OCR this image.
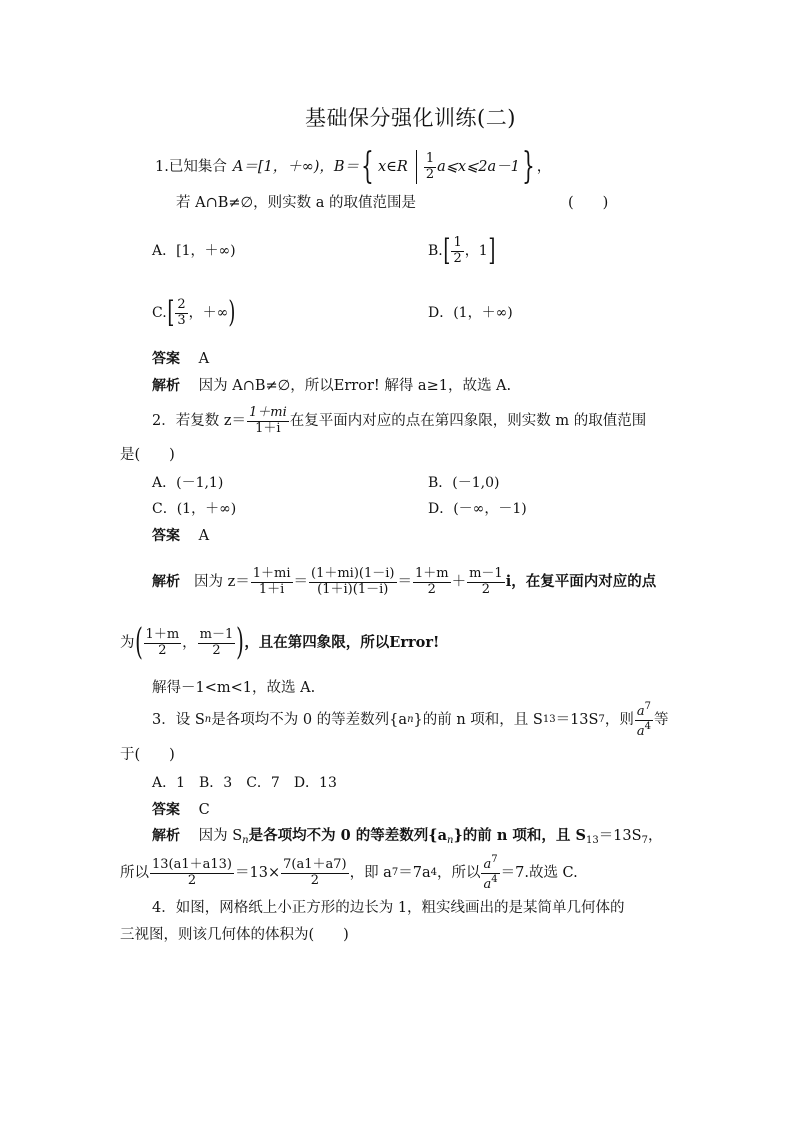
基础保分强化训练(二)
1. 已知集合 A＝[1，＋∞)，B＝ { x∈R $\frac{1}{2}$ a⩽x⩽2a－1 } ，
若 A∩B≠∅，则实数 a 的取值范围是	(　　)
A．[1，＋∞)	B. [ $\frac{1}{2}$ ，1 ]
C. [ $\frac{2}{3}$ ，＋∞ )	D．(1，＋∞)
答案 A
解析 因为 A∩B≠∅，所以Error! 解得 a≥1，故选 A.
2．若复数 $z= \frac{1+mi}{1+i}$ 在复平面内对应的点在第四象限，则实数 m 的取值范围
是(　　)
A．(－1,1)	B．(－1,0)
C．(1，＋∞)	D．(－∞，－1)
答案 A
解析 因为 $z= \frac{1+mi}{1+i} = \frac{(1+mi)(1-i)}{(1+i)(1-i)} = \frac{1+m}{2} + \frac{m-1}{2}$ i，在复平面内对应的点
为 ( $\frac{1+m}{2}$ ， $\frac{m-1}{2}$ ) ，且在第四象限，所以Error!
解得－1<m<1，故选 A.
3．设 S n 是各项均不为 0 的等差数列{a n }的前 n 项和，且 S 13 ＝13S 7 ，则 $\frac{a^7}{a^4}$ 等
于(　　)
A．1　B．3　C．7　D．13
答案 C
解析 因为 $S_n$是各项均不为 0 的等差数列$\{a_n\}$的前 n 项和，且 $S_{13}=13S_7$，
所以 $\frac{13(a1+a13)}{2} =13\times \frac{7(a1+a7)}{2}$ ，即 a 7 ＝7a 4 ，所以 $\frac{a^7}{a^4} =7$.故选 C.
4．如图，网格纸上小正方形的边长为 1，粗实线画出的是某简单几何体的
三视图，则该几何体的体积为(　　)
